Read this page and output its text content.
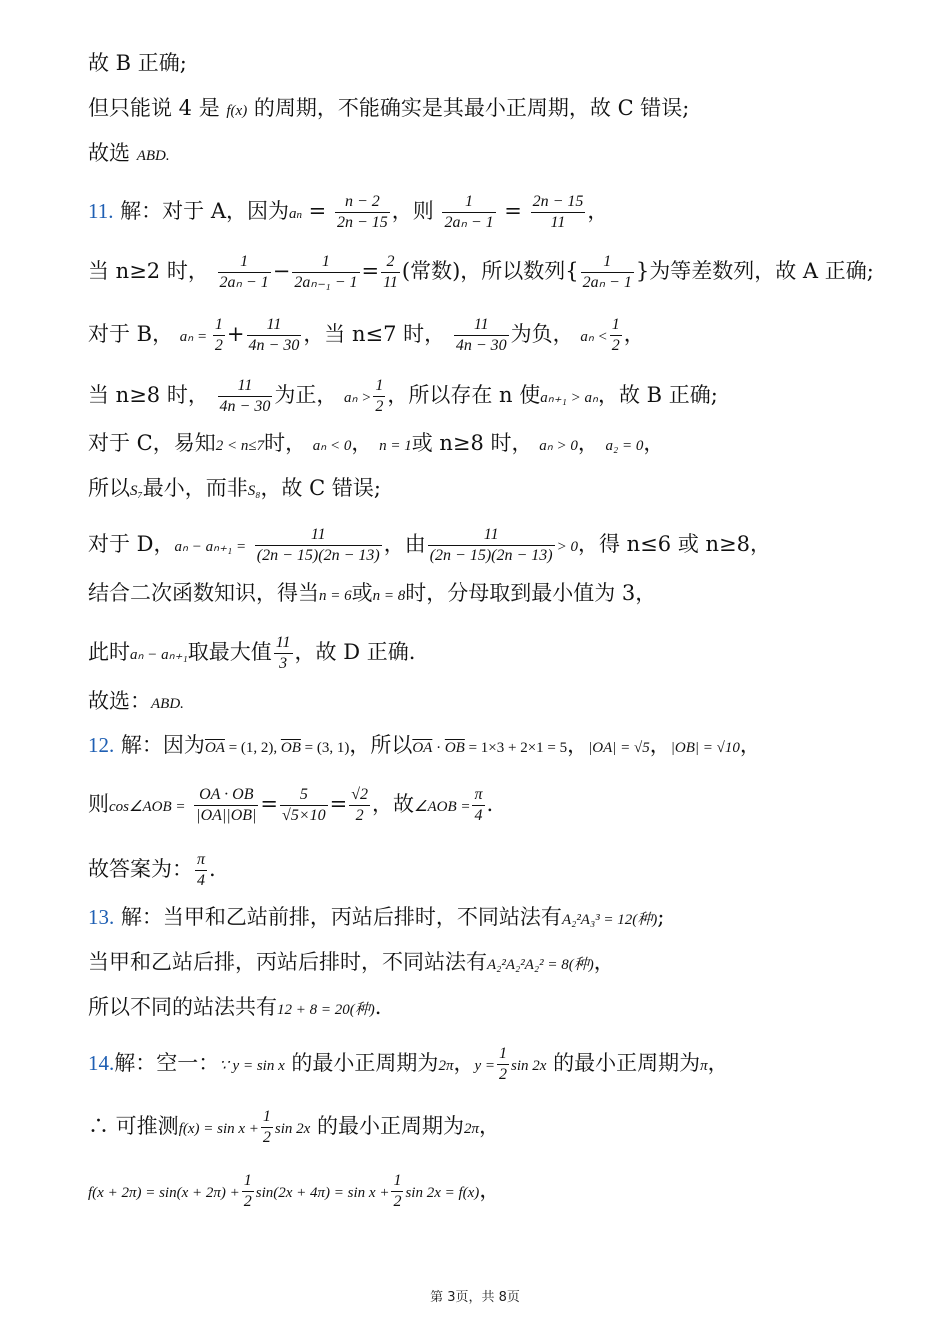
故 B 正确;
但只能说 4 是 f(x) 的周期，不能确实是其最小正周期，故 C 错误;
故选 ABD.
11. 解：对于 A，因为an = $\frac{n - 2}{2n - 15}$ ，则 $\frac{1}{\text{2aₙ − 1}} = \frac{2n - 15}{11}$ ，
当 n≥2 时， $\frac{1}{\text{2aₙ − 1}} - \frac{1}{\text{2aₙ₋₁ − 1}} = \frac{2}{11}$ (常数)，所以数列{ $\frac{1}{\text{2aₙ − 1}}$ }为等差数列，故 A 正确;
对于 B， $a_n = \frac{1}{2} + \frac{11}{4n - 30}$ ，当 n≤7 时， $\frac{11}{4n - 30}$ 为负， $a_n < \frac{1}{2}$ ，
当 n≥8 时， $\frac{11}{4n - 30}$ 为正， $a_n > \frac{1}{2}$ ，所以存在 n 使aₙ₊₁ > aₙ，故 B 正确;
对于 C，易知2 < n≤7时， aₙ < 0， n = 1或 n≥8 时， aₙ > 0， a₂ = 0，
所以S₇最小，而非S₈，故 C 错误;
对于 D，$a_n - a_{n+1} = \frac{11}{(2n - 15)(2n - 13)}$ ，由 $\frac{11}{(2n - 15)(2n - 13)} > 0$，得 n≤6 或 n≥8，
结合二次函数知识，得当n = 6或n = 8时，分母取到最小值为 3，
此时aₙ − aₙ₊₁取最大值 $\frac{11}{3}$ ，故 D 正确.
故选：ABD.
12. 解：因为$\overline{OA} = (1$, 2), $\overline{OB} = (3$, 1)，所以$\overline{OA} \cdot \overline{OB} = 1\times 3 + 2\times 1 = 5$，|OA| = √5，|OB| = √10，
则cos∠AOB = $\frac{OA \cdot OB}{|OA||OB|} = \frac{5}{√5\times 10} = \frac{√2}{2}$ ，故∠AOB = $\frac{\pi}{4}$ .
故答案为： $\frac{\pi}{4}$ .
13. 解：当甲和乙站前排，丙站后排时，不同站法有A₂²A₃³ = 12(种);
当甲和乙站后排，丙站后排时，不同站法有A₂²A₂²A₂² = 8(种)，
所以不同的站法共有12 + 8 = 20(种).
14.解：空一：∵ y = sin x 的最小正周期为2π，$y = \frac{1}{2}$ sin 2x 的最小正周期为π，
∴ 可推测$f(x) = \sin x + \frac{1}{2}$ sin 2x 的最小正周期为2π，
$f(x + 2\pi) = \sin(x + 2\pi) + \frac{1}{2} \sin(2x + 4\pi) = \sin x + \frac{1}{2}$ sin 2x = f(x)，
第 3页，共 8页
